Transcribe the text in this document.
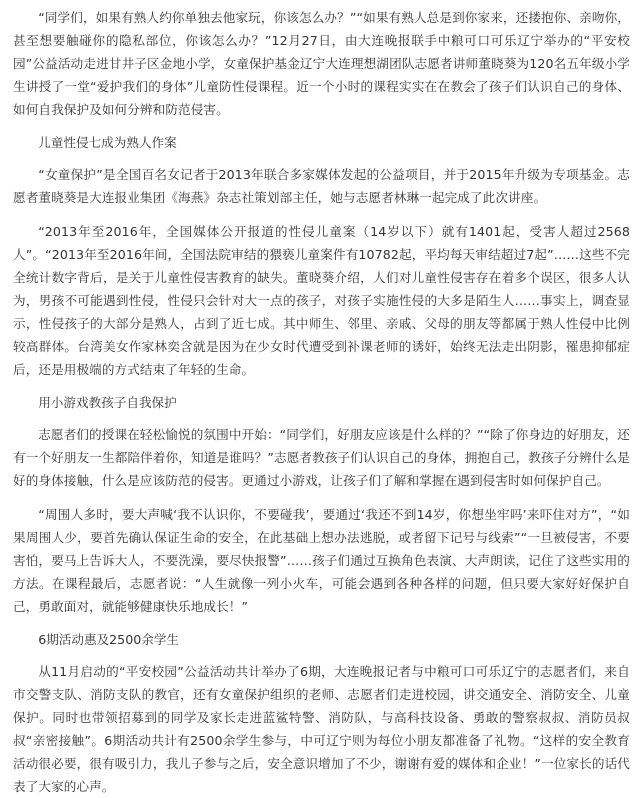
“同学们，如果有熟人约你单独去他家玩，你该怎么办？”“如果有熟人总是到你家来，还搂抱你、亲吻你，甚至想要触碰你的隐私部位，你该怎么办？”12月27日，由大连晚报联手中粮可口可乐辽宁举办的“平安校园”公益活动走进甘井子区金地小学，女童保护基金辽宁大连理想湖团队志愿者讲师董晓葵为120名五年级小学生讲授了一堂“爱护我们的身体”儿童防性侵课程。近一个小时的课程实实在在教会了孩子们认识自己的身体、如何自我保护及如何分辨和防范侵害。

儿童性侵七成为熟人作案

“女童保护”是全国百名女记者于2013年联合多家媒体发起的公益项目，并于2015年升级为专项基金。志愿者董晓葵是大连报业集团《海燕》杂志社策划部主任，她与志愿者林琳一起完成了此次讲座。

“2013年至2016年，全国媒体公开报道的性侵儿童案（14岁以下）就有1401起，受害人超过2568人”。“2013年至2016年间，全国法院审结的猥亵儿童案件有10782起，平均每天审结超过7起”……这些不完全统计数字背后，是关于儿童性侵害教育的缺失。董晓葵介绍，人们对儿童性侵害存在着多个误区，很多人认为，男孩不可能遇到性侵，性侵只会针对大一点的孩子，对孩子实施性侵的大多是陌生人……事实上，调查显示，性侵孩子的大部分是熟人，占到了近七成。其中师生、邻里、亲戚、父母的朋友等都属于熟人性侵中比例较高群体。台湾美女作家林奕含就是因为在少女时代遭受到补课老师的诱奸，始终无法走出阴影，罹患抑郁症后，还是用极端的方式结束了年轻的生命。

用小游戏教孩子自我保护

志愿者们的授课在轻松愉悦的氛围中开始：“同学们，好朋友应该是什么样的？”“除了你身边的好朋友，还有一个好朋友一生都陪伴着你，知道是谁吗？”志愿者教孩子们认识自己的身体，拥抱自己，教孩子分辨什么是好的身体接触，什么是应该防范的侵害。更通过小游戏，让孩子们了解和掌握在遇到侵害时如何保护自己。

“周围人多时，要大声喊‘我不认识你，不要碰我’，要通过‘我还不到14岁，你想坐牢吗’来吓住对方”，“如果周围人少，要首先确认保证生命的安全，在此基础上想办法逃脱，或者留下记号与线索”“一旦被侵害，不要害怕，要马上告诉大人，不要洗澡，要尽快报警”……孩子们通过互换角色表演、大声朗读，记住了这些实用的方法。在课程最后，志愿者说：“人生就像一列小火车，可能会遇到各种各样的问题，但只要大家好好保护自己，勇敢面对，就能够健康快乐地成长！”

6期活动惠及2500余学生

从11月启动的“平安校园”公益活动共计举办了6期，大连晚报记者与中粮可口可乐辽宁的志愿者们，来自市交警支队、消防支队的教官，还有女童保护组织的老师、志愿者们走进校园，讲交通安全、消防安全、儿童保护。同时也带领招募到的同学及家长走进蓝鲨特警、消防队，与高科技设备、勇敢的警察叔叔、消防员叔叔“亲密接触”。6期活动共计有2500余学生参与，中可辽宁则为每位小朋友都准备了礼物。“这样的安全教育活动很必要，很有吸引力，我儿子参与之后，安全意识增加了不少，谢谢有爱的媒体和企业！”一位家长的话代表了大家的心声。
